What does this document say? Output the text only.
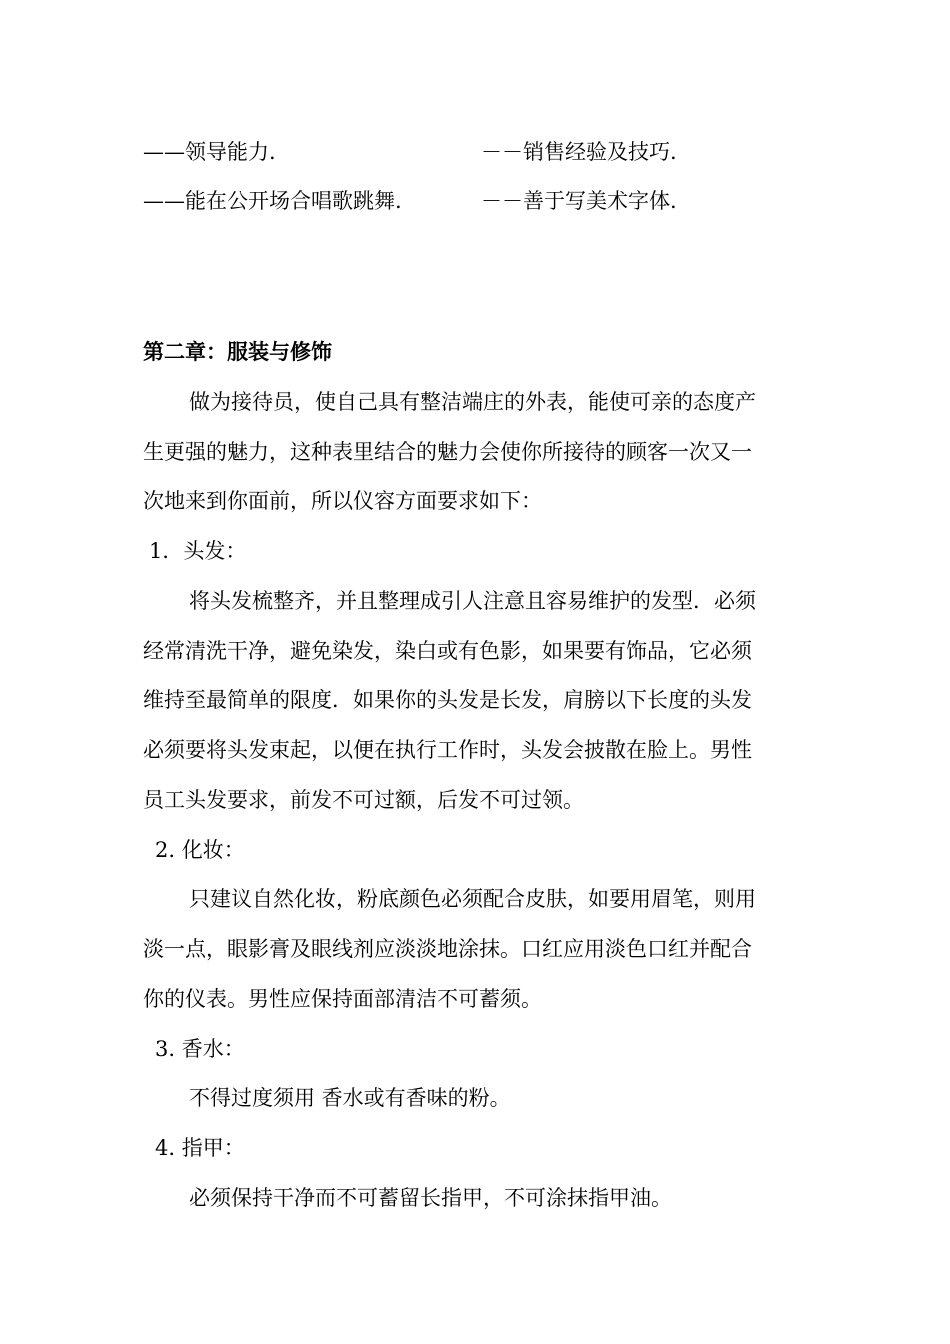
——领导能力.	－－销售经验及技巧.
——能在公开场合唱歌跳舞.	－－善于写美术字体.
第二章：服装与修饰
做为接待员，使自己具有整洁端庄的外表，能使可亲的态度产
生更强的魅力，这种表里结合的魅力会使你所接待的顾客一次又一
次地来到你面前，所以仪容方面要求如下：
1．头发：
将头发梳整齐，并且整理成引人注意且容易维护的发型．必须
经常清洗干净，避免染发，染白或有色影，如果要有饰品，它必须
维持至最简单的限度．如果你的头发是长发，肩膀以下长度的头发
必须要将头发束起，以便在执行工作时，头发会披散在脸上。男性
员工头发要求，前发不可过额，后发不可过领。
2. 化妆：
只建议自然化妆，粉底颜色必须配合皮肤，如要用眉笔，则用
淡一点，眼影膏及眼线剂应淡淡地涂抹。口红应用淡色口红并配合
你的仪表。男性应保持面部清洁不可蓄须。
3. 香水：
不得过度须用 香水或有香味的粉。
4. 指甲：
必须保持干净而不可蓄留长指甲，不可涂抹指甲油。
